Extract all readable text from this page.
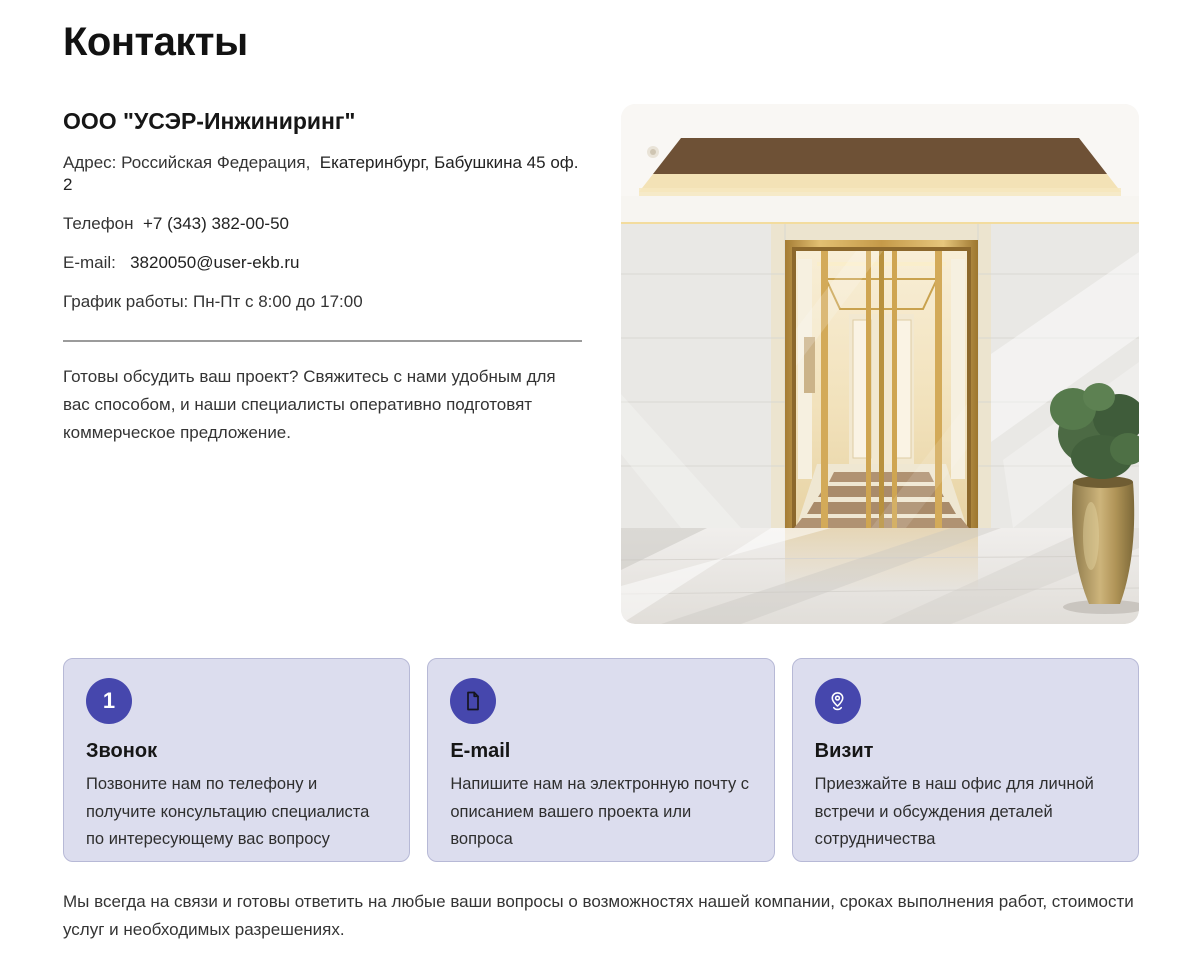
Контакты
ООО "УСЭР-Инжиниринг"

Адрес: Российская Федерация, Екатеринбург, Бабушкина 45 оф. 2

Телефон +7 (343) 382-00-50

E-mail: 3820050@user-ekb.ru

График работы: Пн-Пт с 8:00 до 17:00

Готовы обсудить ваш проект? Свяжитесь с нами удобным для вас способом, и наши специалисты оперативно подготовят коммерческое предложение.

1
Звонок

Позвоните нам по телефону и получите консультацию специалиста по интересующему вас вопросу

E-mail

Напишите нам на электронную почту с описанием вашего проекта или вопроса

Визит

Приезжайте в наш офис для личной встречи и обсуждения деталей сотрудничества

Мы всегда на связи и готовы ответить на любые ваши вопросы о возможностях нашей компании, сроках выполнения работ, стоимости услуг и необходимых разрешениях.
